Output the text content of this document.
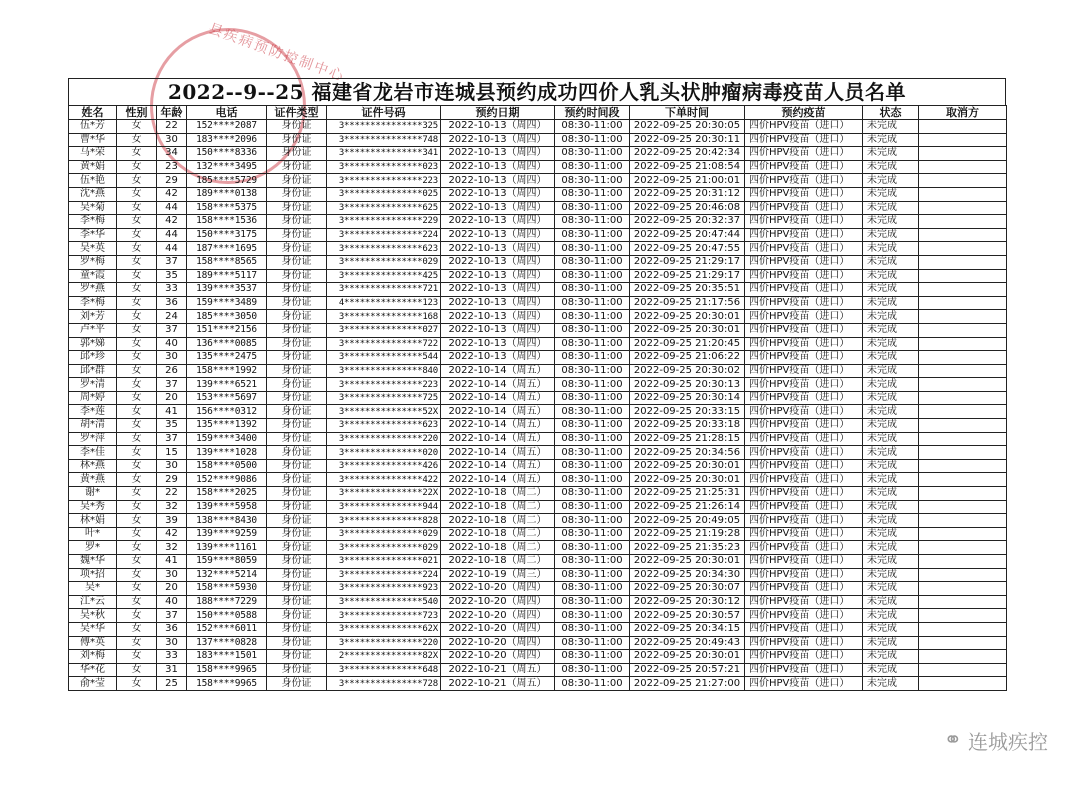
县疾病预防控制中心
2022--9--25 福建省龙岩市连城县预约成功四价人乳头状肿瘤病毒疫苗人员名单
姓名	性别	年龄	电话	证件类型	证件号码	预约日期	预约时间段	下单时间	预约疫苗	状态	取消方
伍*芳	女	22	152****2087	身份证	3***************325	2022-10-13（周四）	08:30-11:00	2022-09-25 20:30:05	四价HPV疫苗（进口）	未完成	
曹*华	女	30	183****2096	身份证	3***************748	2022-10-13（周四）	08:30-11:00	2022-09-25 20:30:11	四价HPV疫苗（进口）	未完成	
马*荣	女	34	150****8336	身份证	3***************341	2022-10-13（周四）	08:30-11:00	2022-09-25 20:42:34	四价HPV疫苗（进口）	未完成	
黄*娟	女	23	132****3495	身份证	3***************023	2022-10-13（周四）	08:30-11:00	2022-09-25 21:08:54	四价HPV疫苗（进口）	未完成	
伍*艳	女	29	185****5729	身份证	3***************223	2022-10-13（周四）	08:30-11:00	2022-09-25 21:00:01	四价HPV疫苗（进口）	未完成	
沈*燕	女	42	189****0138	身份证	3***************025	2022-10-13（周四）	08:30-11:00	2022-09-25 20:31:12	四价HPV疫苗（进口）	未完成	
吴*菊	女	44	158****5375	身份证	3***************625	2022-10-13（周四）	08:30-11:00	2022-09-25 20:46:08	四价HPV疫苗（进口）	未完成	
李*梅	女	42	158****1536	身份证	3***************229	2022-10-13（周四）	08:30-11:00	2022-09-25 20:32:37	四价HPV疫苗（进口）	未完成	
李*华	女	44	150****3175	身份证	3***************224	2022-10-13（周四）	08:30-11:00	2022-09-25 20:47:44	四价HPV疫苗（进口）	未完成	
吴*英	女	44	187****1695	身份证	3***************623	2022-10-13（周四）	08:30-11:00	2022-09-25 20:47:55	四价HPV疫苗（进口）	未完成	
罗*梅	女	37	158****8565	身份证	3***************029	2022-10-13（周四）	08:30-11:00	2022-09-25 21:29:17	四价HPV疫苗（进口）	未完成	
童*霞	女	35	189****5117	身份证	3***************425	2022-10-13（周四）	08:30-11:00	2022-09-25 21:29:17	四价HPV疫苗（进口）	未完成	
罗*燕	女	33	139****3537	身份证	3***************721	2022-10-13（周四）	08:30-11:00	2022-09-25 20:35:51	四价HPV疫苗（进口）	未完成	
李*梅	女	36	159****3489	身份证	4***************123	2022-10-13（周四）	08:30-11:00	2022-09-25 21:17:56	四价HPV疫苗（进口）	未完成	
刘*芳	女	24	185****3050	身份证	3***************168	2022-10-13（周四）	08:30-11:00	2022-09-25 20:30:01	四价HPV疫苗（进口）	未完成	
卢*平	女	37	151****2156	身份证	3***************027	2022-10-13（周四）	08:30-11:00	2022-09-25 20:30:01	四价HPV疫苗（进口）	未完成	
郭*娣	女	40	136****0085	身份证	3***************722	2022-10-13（周四）	08:30-11:00	2022-09-25 21:20:45	四价HPV疫苗（进口）	未完成	
邱*珍	女	30	135****2475	身份证	3***************544	2022-10-13（周四）	08:30-11:00	2022-09-25 21:06:22	四价HPV疫苗（进口）	未完成	
邱*群	女	26	158****1992	身份证	3***************840	2022-10-14（周五）	08:30-11:00	2022-09-25 20:30:02	四价HPV疫苗（进口）	未完成	
罗*清	女	37	139****6521	身份证	3***************223	2022-10-14（周五）	08:30-11:00	2022-09-25 20:30:13	四价HPV疫苗（进口）	未完成	
周*婷	女	20	153****5697	身份证	3***************725	2022-10-14（周五）	08:30-11:00	2022-09-25 20:30:14	四价HPV疫苗（进口）	未完成	
李*莲	女	41	156****0312	身份证	3***************52X	2022-10-14（周五）	08:30-11:00	2022-09-25 20:33:15	四价HPV疫苗（进口）	未完成	
胡*清	女	35	135****1392	身份证	3***************623	2022-10-14（周五）	08:30-11:00	2022-09-25 20:33:18	四价HPV疫苗（进口）	未完成	
罗*萍	女	37	159****3400	身份证	3***************220	2022-10-14（周五）	08:30-11:00	2022-09-25 21:28:15	四价HPV疫苗（进口）	未完成	
李*佳	女	15	139****1028	身份证	3***************020	2022-10-14（周五）	08:30-11:00	2022-09-25 20:34:56	四价HPV疫苗（进口）	未完成	
林*燕	女	30	158****0500	身份证	3***************426	2022-10-14（周五）	08:30-11:00	2022-09-25 20:30:01	四价HPV疫苗（进口）	未完成	
黄*燕	女	29	152****9086	身份证	3***************422	2022-10-14（周五）	08:30-11:00	2022-09-25 20:30:01	四价HPV疫苗（进口）	未完成	
谢*	女	22	158****2025	身份证	3***************22X	2022-10-18（周二）	08:30-11:00	2022-09-25 21:25:31	四价HPV疫苗（进口）	未完成	
吴*秀	女	32	139****5958	身份证	3***************944	2022-10-18（周二）	08:30-11:00	2022-09-25 21:26:14	四价HPV疫苗（进口）	未完成	
林*娟	女	39	138****8430	身份证	3***************828	2022-10-18（周二）	08:30-11:00	2022-09-25 20:49:05	四价HPV疫苗（进口）	未完成	
叶*	女	42	139****9259	身份证	3***************029	2022-10-18（周二）	08:30-11:00	2022-09-25 21:19:28	四价HPV疫苗（进口）	未完成	
罗*	女	32	139****1161	身份证	3***************029	2022-10-18（周二）	08:30-11:00	2022-09-25 21:35:23	四价HPV疫苗（进口）	未完成	
魏*华	女	41	159****8059	身份证	3***************021	2022-10-18（周二）	08:30-11:00	2022-09-25 20:30:01	四价HPV疫苗（进口）	未完成	
项*招	女	30	132****5214	身份证	3***************224	2022-10-19（周三）	08:30-11:00	2022-09-25 20:34:30	四价HPV疫苗（进口）	未完成	
吴*	女	20	158****5930	身份证	3***************923	2022-10-20（周四）	08:30-11:00	2022-09-25 20:30:07	四价HPV疫苗（进口）	未完成	
江*云	女	40	188****7229	身份证	3***************540	2022-10-20（周四）	08:30-11:00	2022-09-25 20:30:12	四价HPV疫苗（进口）	未完成	
吴*秋	女	37	150****0588	身份证	3***************723	2022-10-20（周四）	08:30-11:00	2022-09-25 20:30:57	四价HPV疫苗（进口）	未完成	
吴*华	女	36	152****6011	身份证	3***************62X	2022-10-20（周四）	08:30-11:00	2022-09-25 20:34:15	四价HPV疫苗（进口）	未完成	
傅*英	女	30	137****0828	身份证	3***************220	2022-10-20（周四）	08:30-11:00	2022-09-25 20:49:43	四价HPV疫苗（进口）	未完成	
刘*梅	女	33	183****1501	身份证	2***************82X	2022-10-20（周四）	08:30-11:00	2022-09-25 20:30:01	四价HPV疫苗（进口）	未完成	
华*花	女	31	158****9965	身份证	3***************648	2022-10-21（周五）	08:30-11:00	2022-09-25 20:57:21	四价HPV疫苗（进口）	未完成	
俞*莹	女	25	158****9965	身份证	3***************728	2022-10-21（周五）	08:30-11:00	2022-09-25 21:27:00	四价HPV疫苗（进口）	未完成	
⚭ 连城疾控
